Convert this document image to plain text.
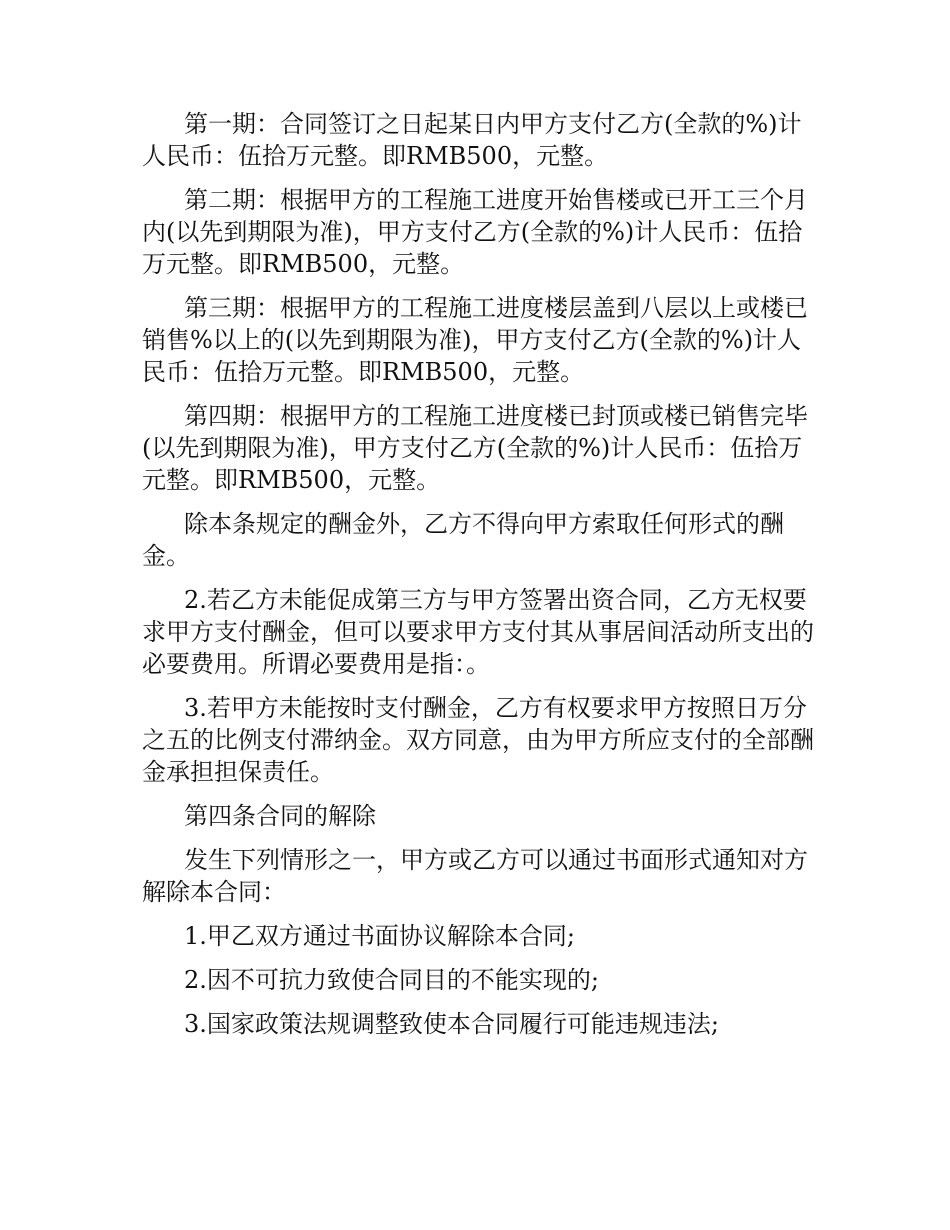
第一期：合同签订之日起某日内甲方支付乙方(全款的%)计人民币：伍拾万元整。即RMB500，元整。

第二期：根据甲方的工程施工进度开始售楼或已开工三个月内(以先到期限为准)，甲方支付乙方(全款的%)计人民币：伍拾万元整。即RMB500，元整。

第三期：根据甲方的工程施工进度楼层盖到八层以上或楼已销售%以上的(以先到期限为准)，甲方支付乙方(全款的%)计人民币：伍拾万元整。即RMB500，元整。

第四期：根据甲方的工程施工进度楼已封顶或楼已销售完毕(以先到期限为准)，甲方支付乙方(全款的%)计人民币：伍拾万元整。即RMB500，元整。

除本条规定的酬金外，乙方不得向甲方索取任何形式的酬金。

2.若乙方未能促成第三方与甲方签署出资合同，乙方无权要求甲方支付酬金，但可以要求甲方支付其从事居间活动所支出的必要费用。所谓必要费用是指：。

3.若甲方未能按时支付酬金，乙方有权要求甲方按照日万分之五的比例支付滞纳金。双方同意，由为甲方所应支付的全部酬金承担担保责任。

第四条合同的解除

发生下列情形之一，甲方或乙方可以通过书面形式通知对方解除本合同：

1.甲乙双方通过书面协议解除本合同;

2.因不可抗力致使合同目的不能实现的;

3.国家政策法规调整致使本合同履行可能违规违法;
